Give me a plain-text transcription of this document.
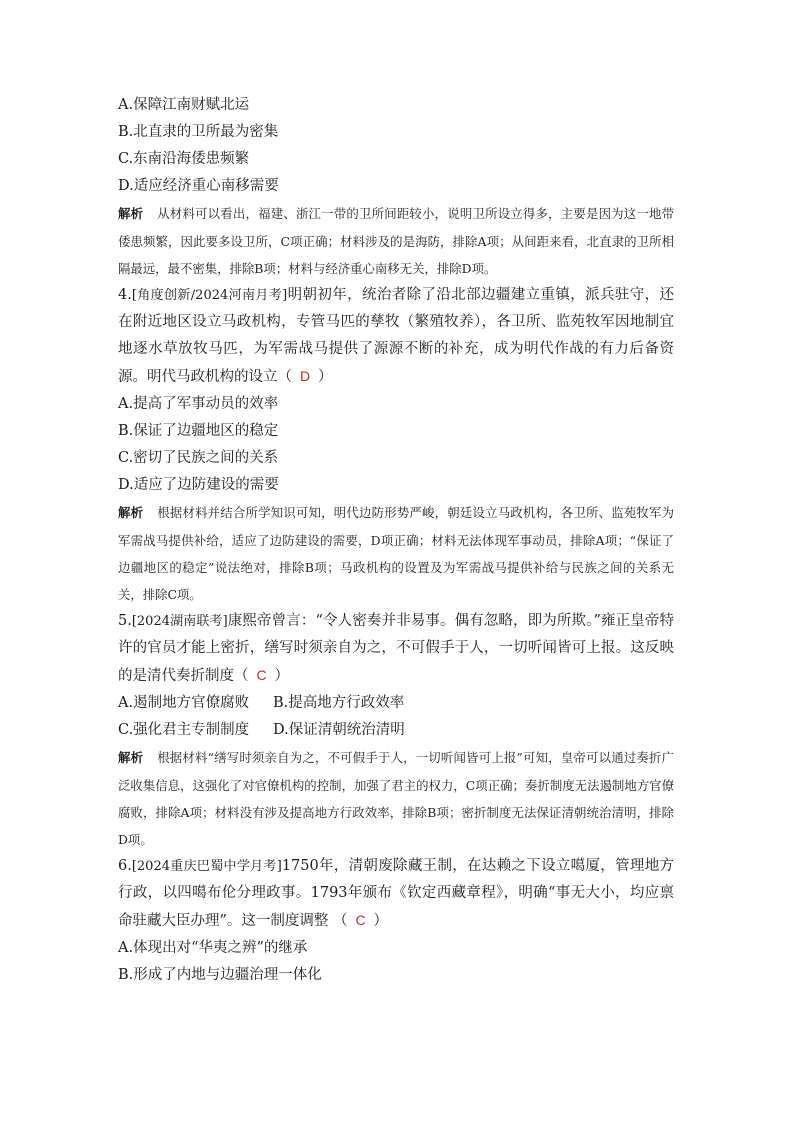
A.保障江南财赋北运
B.北直隶的卫所最为密集
C.东南沿海倭患频繁
D.适应经济重心南移需要
解析 从材料可以看出，福建、浙江一带的卫所间距较小，说明卫所设立得多，主要是因为这一地带倭患频繁，因此要多设卫所，C项正确；材料涉及的是海防，排除A项；从间距来看，北直隶的卫所相隔最远，最不密集，排除B项；材料与经济重心南移无关，排除D项。
4.[角度创新/2024河南月考]明朝初年，统治者除了沿北部边疆建立重镇，派兵驻守，还在附近地区设立马政机构，专管马匹的孳牧（繁殖牧养），各卫所、监苑牧军因地制宜地逐水草放牧马匹，为军需战马提供了源源不断的补充，成为明代作战的有力后备资源。明代马政机构的设立（ D ）
A.提高了军事动员的效率
B.保证了边疆地区的稳定
C.密切了民族之间的关系
D.适应了边防建设的需要
解析 根据材料并结合所学知识可知，明代边防形势严峻，朝廷设立马政机构，各卫所、监苑牧军为军需战马提供补给，适应了边防建设的需要，D项正确；材料无法体现军事动员，排除A项；“保证了边疆地区的稳定”说法绝对，排除B项；马政机构的设置及为军需战马提供补给与民族之间的关系无关，排除C项。
5.[2024湖南联考]康熙帝曾言：“令人密奏并非易事。偶有忽略，即为所欺。”雍正皇帝特许的官员才能上密折，缮写时须亲自为之，不可假手于人，一切听闻皆可上报。这反映的是清代奏折制度（ C ）
A.遏制地方官僚腐败	B.提高地方行政效率
C.强化君主专制制度	D.保证清朝统治清明
解析 根据材料“缮写时须亲自为之，不可假手于人，一切听闻皆可上报”可知，皇帝可以通过奏折广泛收集信息，这强化了对官僚机构的控制，加强了君主的权力，C项正确；奏折制度无法遏制地方官僚腐败，排除A项；材料没有涉及提高地方行政效率，排除B项；密折制度无法保证清朝统治清明，排除D项。
6.[2024重庆巴蜀中学月考]1750年，清朝废除藏王制，在达赖之下设立噶厦，管理地方行政，以四噶布伦分理政事。1793年颁布《钦定西藏章程》，明确“事无大小，均应禀命驻藏大臣办理”。这一制度调整 （ C ）
A.体现出对“华夷之辨”的继承
B.形成了内地与边疆治理一体化
